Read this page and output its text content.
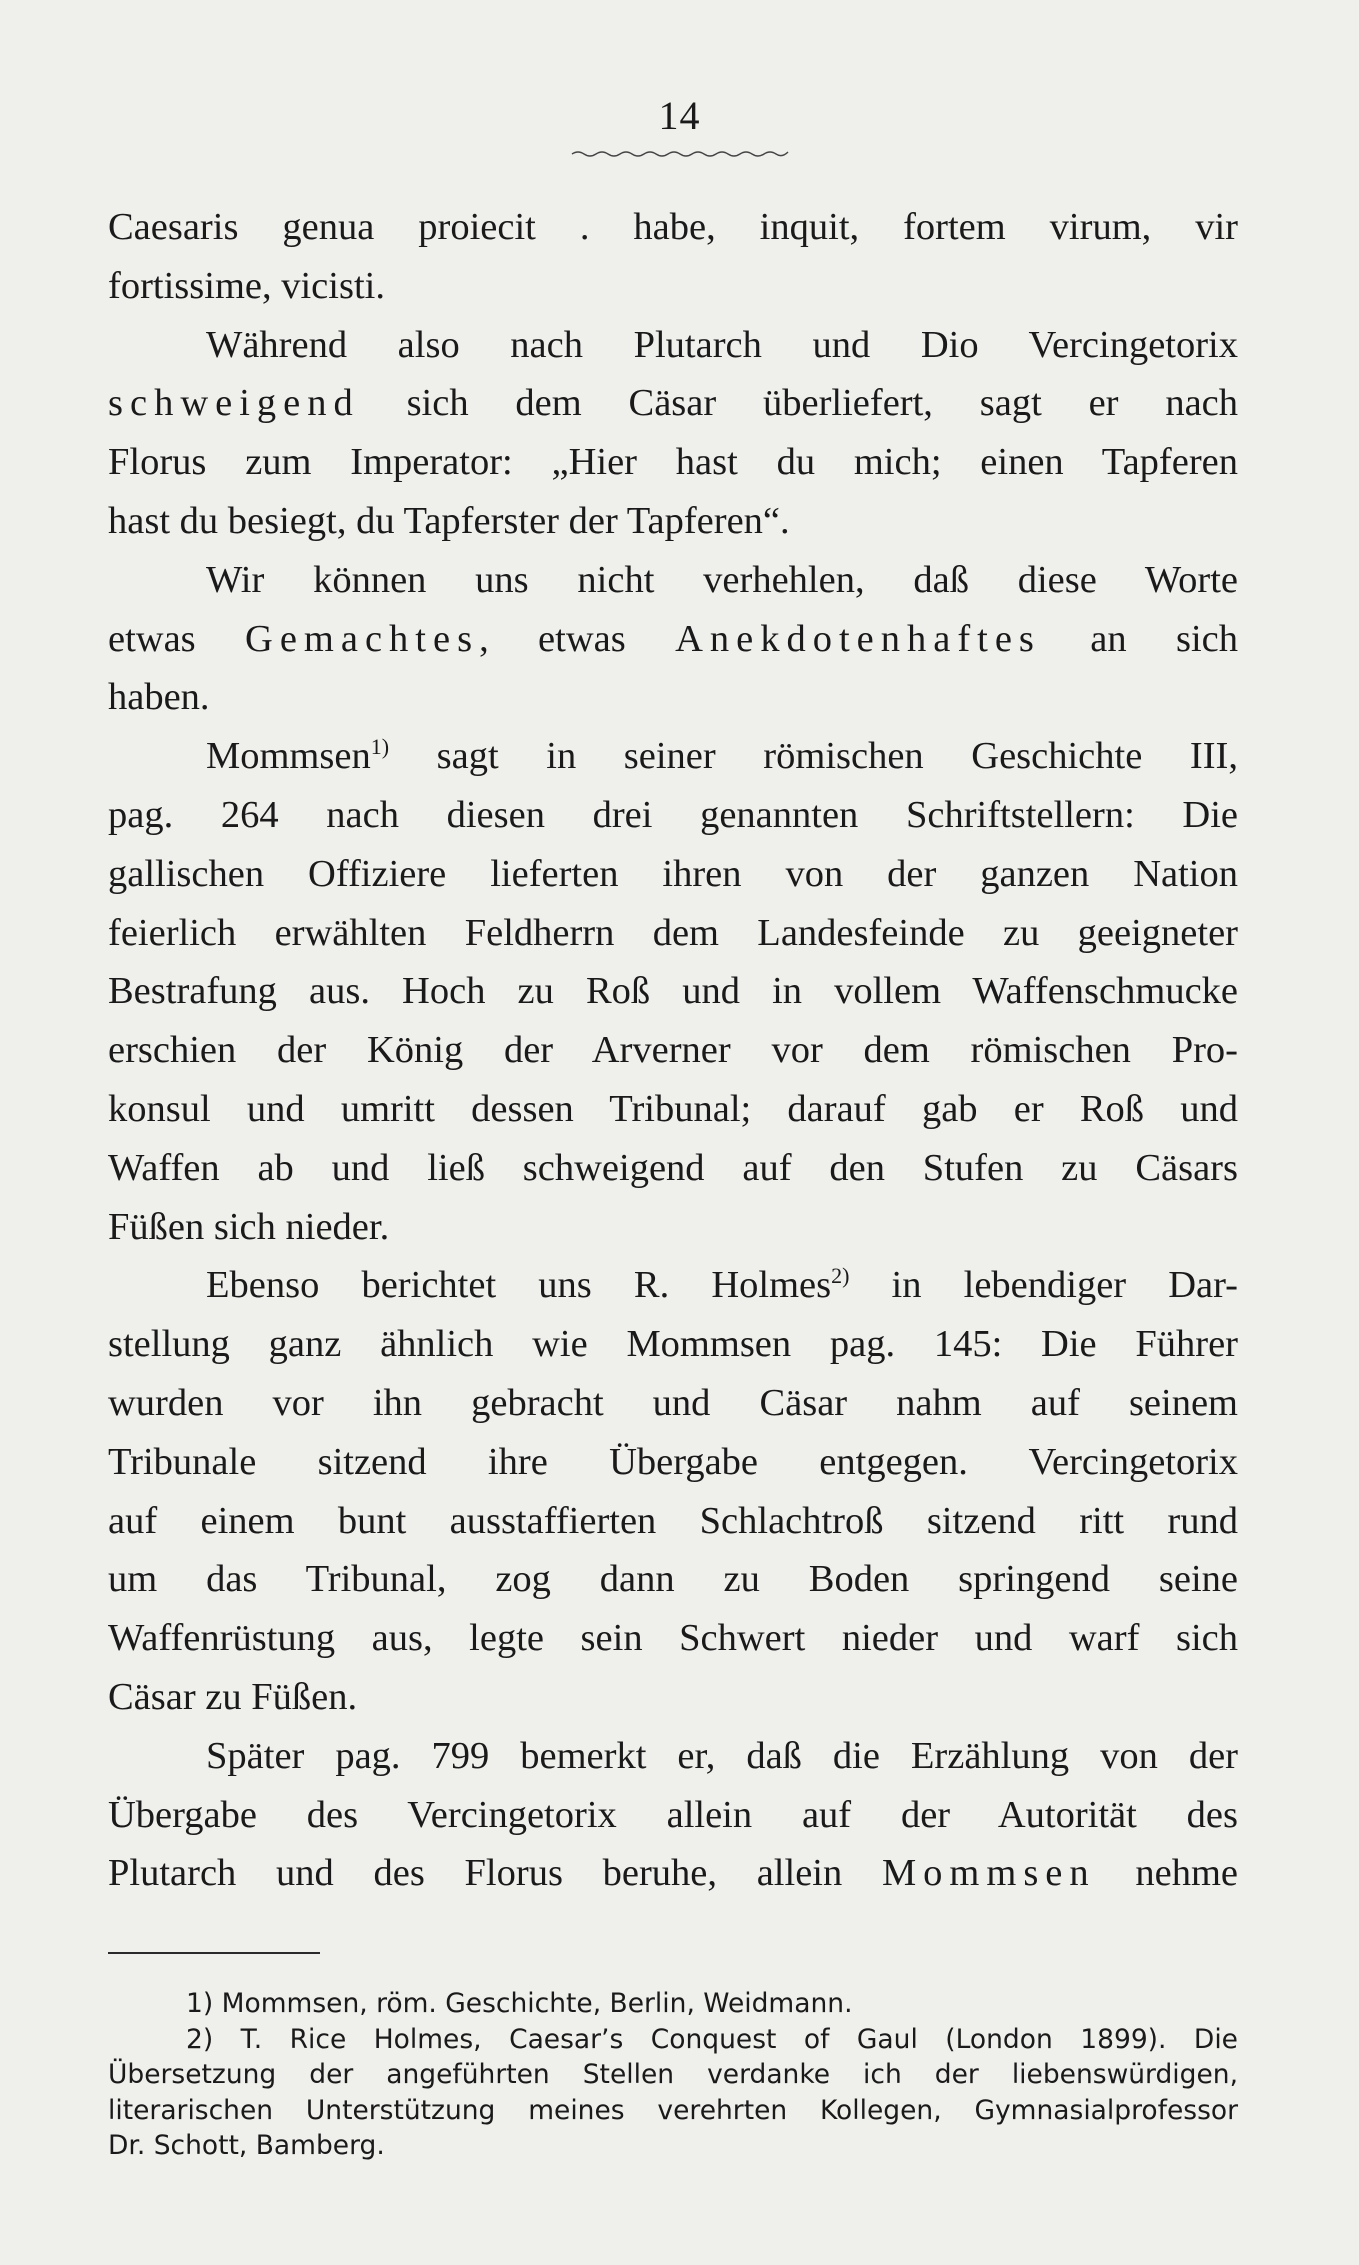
14
Caesaris genua proiecit . habe, inquit, fortem virum, vir
fortissime, vicisti.
Während also nach Plutarch und Dio Vercingetorix
schweigend sich dem Cäsar überliefert, sagt er nach
Florus zum Imperator: „Hier hast du mich; einen Tapferen
hast du besiegt, du Tapferster der Tapferen“.
Wir können uns nicht verhehlen, daß diese Worte
etwas Gemachtes, etwas Anekdotenhaftes an sich
haben.
Mommsen$^{1)}$ sagt in seiner römischen Geschichte III,
pag. 264 nach diesen drei genannten Schriftstellern: Die
gallischen Offiziere lieferten ihren von der ganzen Nation
feierlich erwählten Feldherrn dem Landesfeinde zu geeigneter
Bestrafung aus. Hoch zu Roß und in vollem Waffenschmucke
erschien der König der Arverner vor dem römischen Pro-
konsul und umritt dessen Tribunal; darauf gab er Roß und
Waffen ab und ließ schweigend auf den Stufen zu Cäsars
Füßen sich nieder.
Ebenso berichtet uns R. Holmes$^{2)}$ in lebendiger Dar-
stellung ganz ähnlich wie Mommsen pag. 145: Die Führer
wurden vor ihn gebracht und Cäsar nahm auf seinem
Tribunale sitzend ihre Übergabe entgegen. Vercingetorix
auf einem bunt ausstaffierten Schlachtroß sitzend ritt rund
um das Tribunal, zog dann zu Boden springend seine
Waffenrüstung aus, legte sein Schwert nieder und warf sich
Cäsar zu Füßen.
Später pag. 799 bemerkt er, daß die Erzählung von der
Übergabe des Vercingetorix allein auf der Autorität des
Plutarch und des Florus beruhe, allein Mommsen nehme
1) Mommsen, röm. Geschichte, Berlin, Weidmann.
2) T. Rice Holmes, Caesar’s Conquest of Gaul (London 1899). Die
Übersetzung der angeführten Stellen verdanke ich der liebenswürdigen,
literarischen Unterstützung meines verehrten Kollegen, Gymnasialprofessor
Dr. Schott, Bamberg.
